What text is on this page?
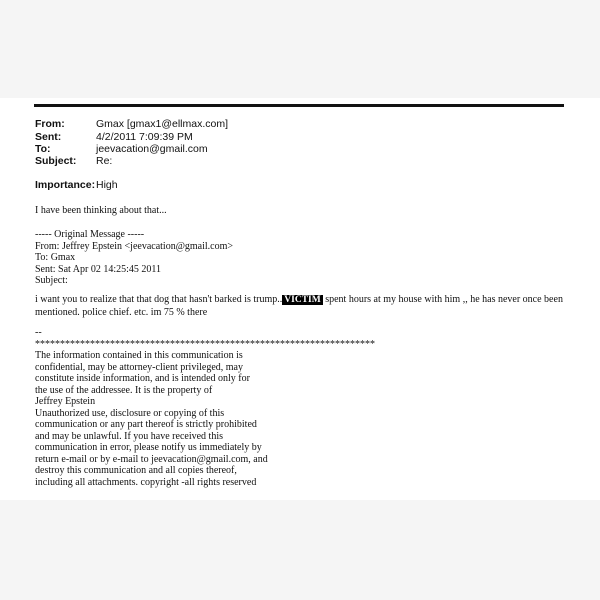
From:	Gmax [gmax1@ellmax.com]
Sent:	4/2/2011 7:09:39 PM
To:	jeevacation@gmail.com
Subject: Re:
Importance: High
I have been thinking about that...
----- Original Message -----
From: Jeffrey Epstein <jeevacation@gmail.com>
To: Gmax
Sent: Sat Apr 02 14:25:45 2011
Subject:
i want you to realize that that dog that hasn't barked is trump.. VICTIM spent hours at my house with him ,, he has never once been
mentioned. police chief. etc. im 75 % there
--
********************************************************************
The information contained in this communication is
confidential, may be attorney-client privileged, may
constitute inside information, and is intended only for
the use of the addressee. It is the property of
Jeffrey Epstein
Unauthorized use, disclosure or copying of this
communication or any part thereof is strictly prohibited
and may be unlawful. If you have received this
communication in error, please notify us immediately by
return e-mail or by e-mail to jeevacation@gmail.com, and
destroy this communication and all copies thereof,
including all attachments. copyright -all rights reserved
